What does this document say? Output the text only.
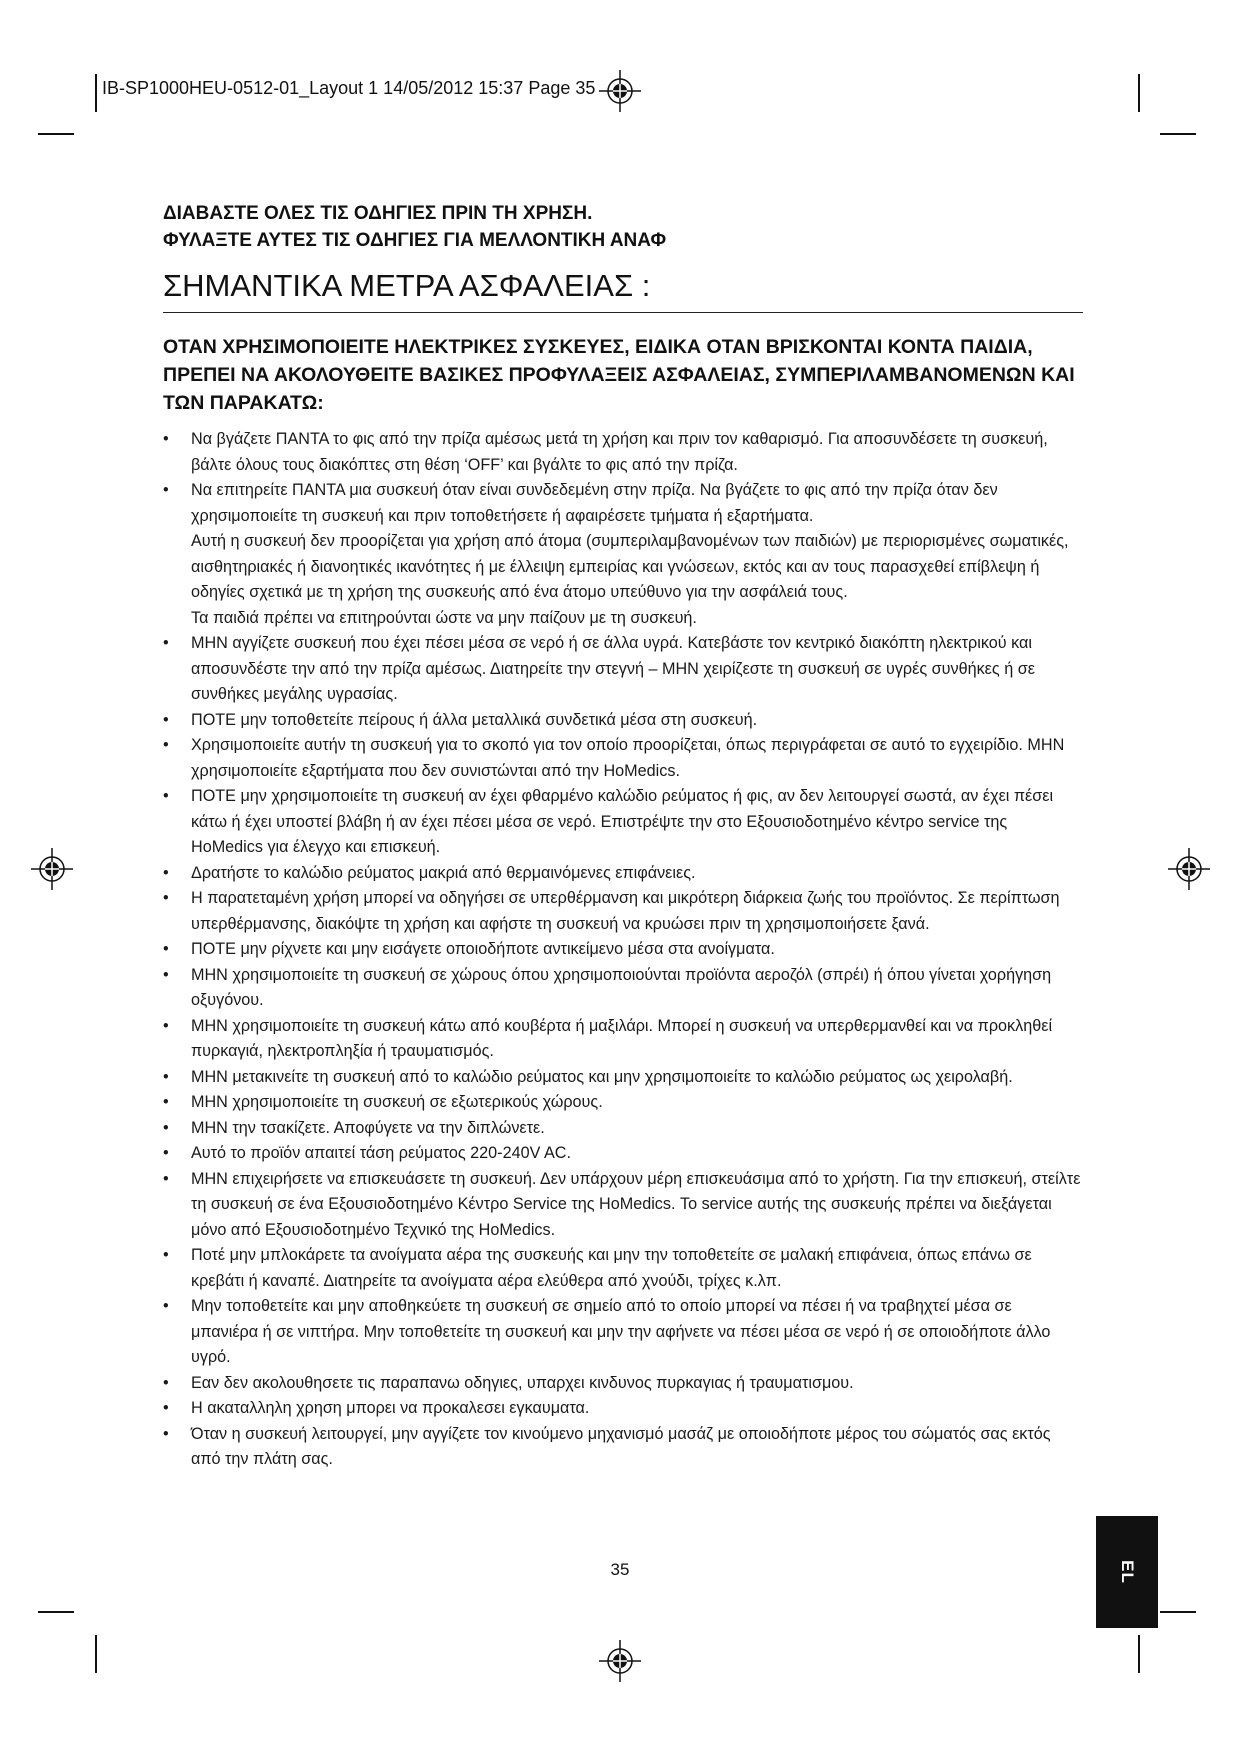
IB-SP1000HEU-0512-01_Layout 1 14/05/2012 15:37 Page 35

ΔΙΑΒΑΣΤΕ ΟΛΕΣ ΤΙΣ ΟΔΗΓΙΕΣ ΠΡΙΝ ΤΗ ΧΡΗΣΗ.

ΦΥΛΑΞΤΕ ΑΥΤΕΣ ΤΙΣ ΟΔΗΓΙΕΣ ΓΙΑ ΜΕΛΛΟΝΤΙΚΗ ΑΝΑΦ

ΣΗΜΑΝΤΙΚΑ ΜΕΤΡΑ ΑΣΦΑΛΕΙΑΣ :

ΟΤΑΝ ΧΡΗΣΙΜΟΠΟΙΕΙΤΕ ΗΛΕΚΤΡΙΚΕΣ ΣΥΣΚΕΥΕΣ, ΕΙΔΙΚΑ ΟΤΑΝ ΒΡΙΣΚΟΝΤΑΙ ΚΟΝΤΑ ΠΑΙΔΙΑ, ΠΡΕΠΕΙ ΝΑ ΑΚΟΛΟΥΘΕΙΤΕ ΒΑΣΙΚΕΣ ΠΡΟΦΥΛΑΞΕΙΣ ΑΣΦΑΛΕΙΑΣ, ΣΥΜΠΕΡΙΛΑΜΒΑΝΟΜΕΝΩΝ ΚΑΙ ΤΩΝ ΠΑΡΑΚΑΤΩ:

• Να βγάζετε ΠΑΝΤΑ το φις από την πρίζα αμέσως μετά τη χρήση και πριν τον καθαρισμό. Για αποσυνδέσετε τη συσκευή, βάλτε όλους τους διακόπτες στη θέση ‘OFF’ και βγάλτε το φις από την πρίζα.
• Να επιτηρείτε ΠΑΝΤΑ μια συσκευή όταν είναι συνδεδεμένη στην πρίζα. Να βγάζετε το φις από την πρίζα όταν δεν χρησιμοποιείτε τη συσκευή και πριν τοποθετήσετε ή αφαιρέσετε τμήματα ή εξαρτήματα.
Αυτή η συσκευή δεν προορίζεται για χρήση από άτομα (συμπεριλαμβανομένων των παιδιών) με περιορισμένες σωματικές, αισθητηριακές ή διανοητικές ικανότητες ή με έλλειψη εμπειρίας και γνώσεων, εκτός και αν τους παρασχεθεί επίβλεψη ή οδηγίες σχετικά με τη χρήση της συσκευής από ένα άτομο υπεύθυνο για την ασφάλειά τους.
Τα παιδιά πρέπει να επιτηρούνται ώστε να μην παίζουν με τη συσκευή.
• ΜΗΝ αγγίζετε συσκευή που έχει πέσει μέσα σε νερό ή σε άλλα υγρά. Κατεβάστε τον κεντρικό διακόπτη ηλεκτρικού και αποσυνδέστε την από την πρίζα αμέσως. Διατηρείτε την στεγνή – ΜΗΝ χειρίζεστε τη συσκευή σε υγρές συνθήκες ή σε συνθήκες μεγάλης υγρασίας.
• ΠΟΤΕ μην τοποθετείτε πείρους ή άλλα μεταλλικά συνδετικά μέσα στη συσκευή.
• Χρησιμοποιείτε αυτήν τη συσκευή για το σκοπό για τον οποίο προορίζεται, όπως περιγράφεται σε αυτό το εγχειρίδιο. ΜΗΝ χρησιμοποιείτε εξαρτήματα που δεν συνιστώνται από την HoMedics.
• ΠΟΤΕ μην χρησιμοποιείτε τη συσκευή αν έχει φθαρμένο καλώδιο ρεύματος ή φις, αν δεν λειτουργεί σωστά, αν έχει πέσει κάτω ή έχει υποστεί βλάβη ή αν έχει πέσει μέσα σε νερό. Επιστρέψτε την στο Εξουσιοδοτημένο κέντρο service της HoMedics για έλεγχο και επισκευή.
• Δρατήστε το καλώδιο ρεύματος μακριά από θερμαινόμενες επιφάνειες.
• Η παρατεταμένη χρήση μπορεί να οδηγήσει σε υπερθέρμανση και μικρότερη διάρκεια ζωής του προϊόντος. Σε περίπτωση υπερθέρμανσης, διακόψτε τη χρήση και αφήστε τη συσκευή να κρυώσει πριν τη χρησιμοποιήσετε ξανά.
• ΠΟΤΕ μην ρίχνετε και μην εισάγετε οποιοδήποτε αντικείμενο μέσα στα ανοίγματα.
• ΜΗΝ χρησιμοποιείτε τη συσκευή σε χώρους όπου χρησιμοποιούνται προϊόντα αεροζόλ (σπρέι) ή όπου γίνεται χορήγηση οξυγόνου.
• ΜΗΝ χρησιμοποιείτε τη συσκευή κάτω από κουβέρτα ή μαξιλάρι. Μπορεί η συσκευή να υπερθερμανθεί και να προκληθεί πυρκαγιά, ηλεκτροπληξία ή τραυματισμός.
• ΜΗΝ μετακινείτε τη συσκευή από το καλώδιο ρεύματος και μην χρησιμοποιείτε το καλώδιο ρεύματος ως χειρολαβή.
• ΜΗΝ χρησιμοποιείτε τη συσκευή σε εξωτερικούς χώρους.
• ΜΗΝ την τσακίζετε. Αποφύγετε να την διπλώνετε.
• Αυτό το προϊόν απαιτεί τάση ρεύματος 220-240V AC.
• ΜΗΝ επιχειρήσετε να επισκευάσετε τη συσκευή. Δεν υπάρχουν μέρη επισκευάσιμα από το χρήστη. Για την επισκευή, στείλτε τη συσκευή σε ένα Εξουσιοδοτημένο Κέντρο Service της HoMedics. Το service αυτής της συσκευής πρέπει να διεξάγεται μόνο από Εξουσιοδοτημένο Τεχνικό της HoMedics.
• Ποτέ μην μπλοκάρετε τα ανοίγματα αέρα της συσκευής και μην την τοποθετείτε σε μαλακή επιφάνεια, όπως επάνω σε κρεβάτι ή καναπέ. Διατηρείτε τα ανοίγματα αέρα ελεύθερα από χνούδι, τρίχες κ.λπ.
• Μην τοποθετείτε και μην αποθηκεύετε τη συσκευή σε σημείο από το οποίο μπορεί να πέσει ή να τραβηχτεί μέσα σε μπανιέρα ή σε νιπτήρα. Μην τοποθετείτε τη συσκευή και μην την αφήνετε να πέσει μέσα σε νερό ή σε οποιοδήποτε άλλο υγρό.
• Εαν δεν ακολουθησετε τις παραπανω οδηγιες, υπαρχει κινδυνος πυρκαγιας ή τραυματισμου.
• Η ακαταλληλη χρηση μπορει να προκαλεσει εγκαυματα.
• Όταν η συσκευή λειτουργεί, μην αγγίζετε τον κινούμενο μηχανισμό μασάζ με οποιοδήποτε μέρος του σώματός σας εκτός από την πλάτη σας.
35	EL
